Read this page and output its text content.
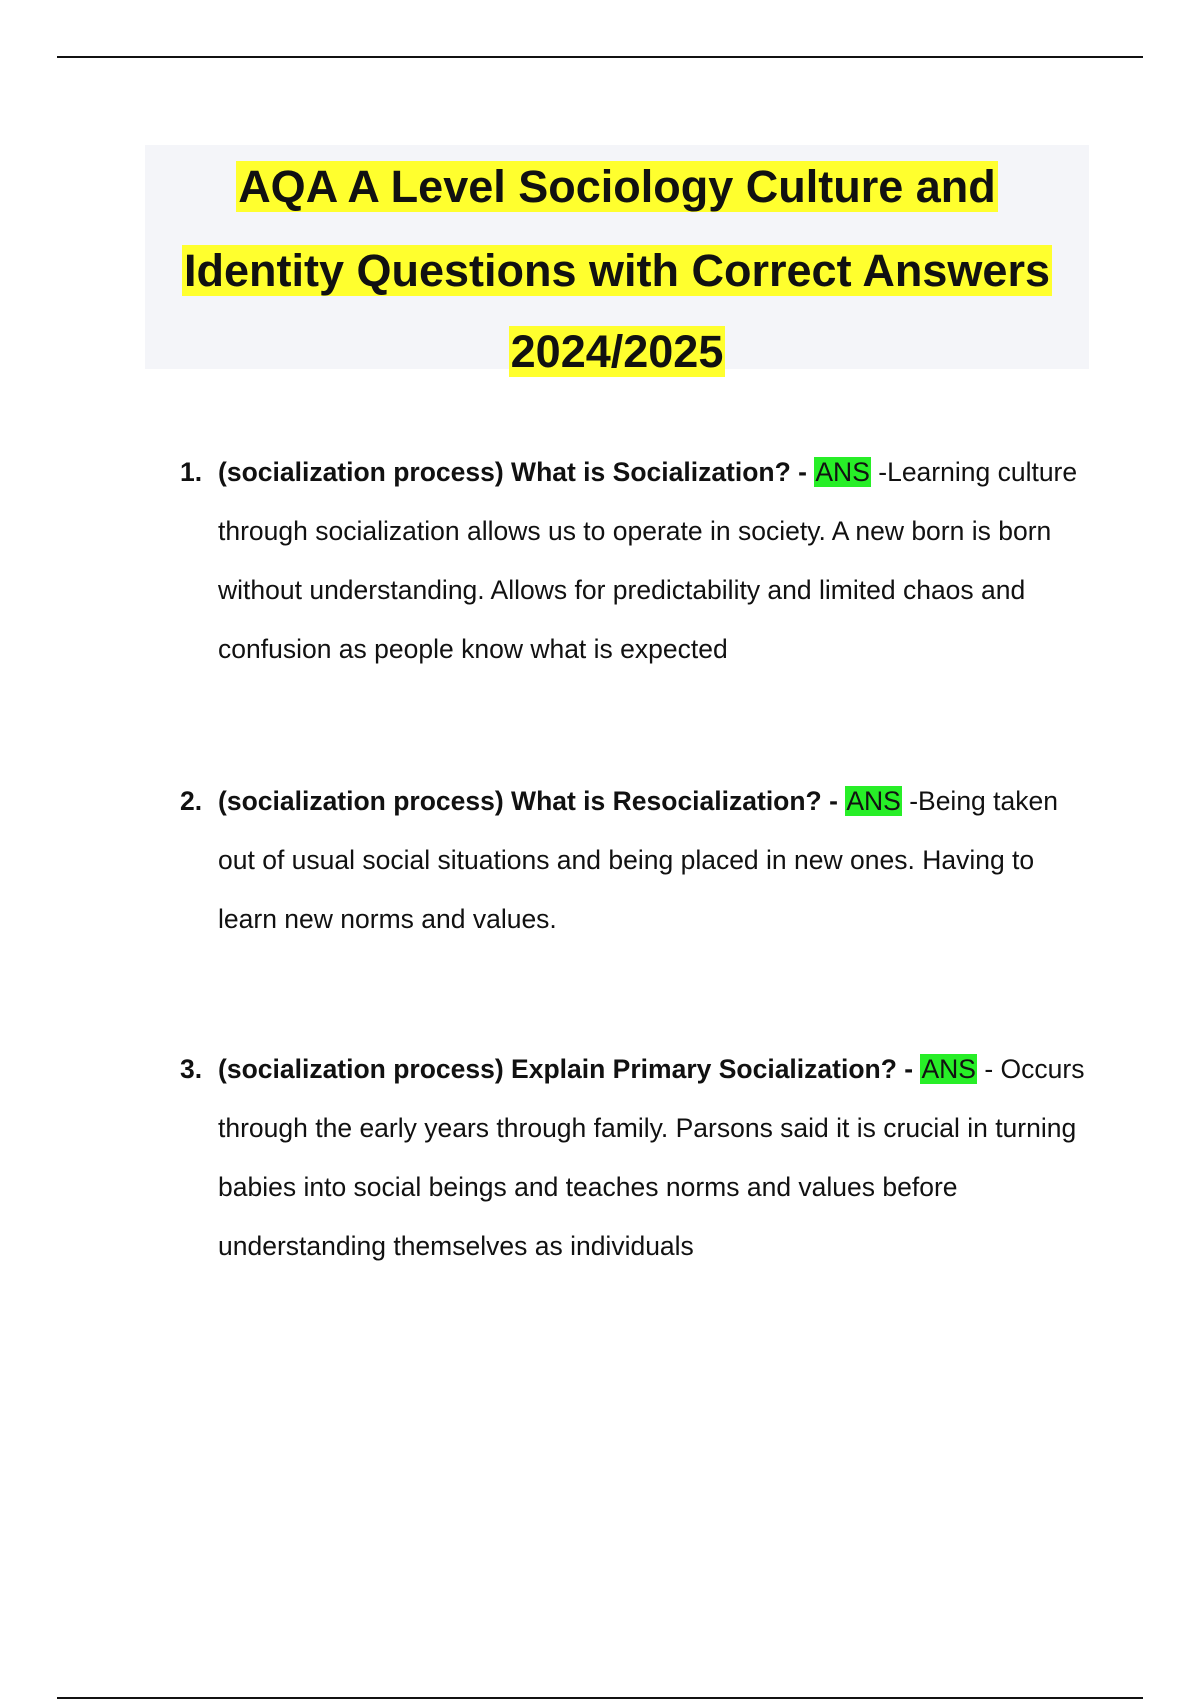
AQA A Level Sociology Culture and
Identity Questions with Correct Answers
2024/2025
1. (socialization process) What is Socialization? - ANS -Learning culture through socialization allows us to operate in society. A new born is born without understanding. Allows for predictability and limited chaos and confusion as people know what is expected
2. (socialization process) What is Resocialization? - ANS -Being taken out of usual social situations and being placed in new ones. Having to learn new norms and values.
3. (socialization process) Explain Primary Socialization? - ANS - Occurs through the early years through family. Parsons said it is crucial in turning babies into social beings and teaches norms and values before understanding themselves as individuals
